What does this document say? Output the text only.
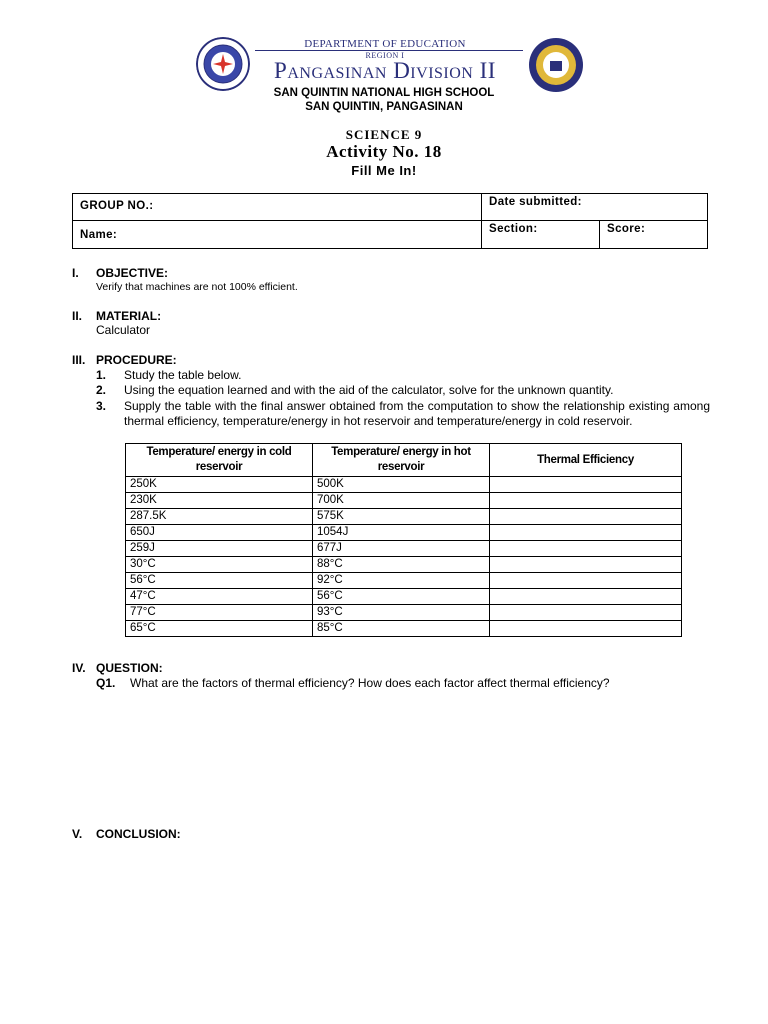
DEPARTMENT OF EDUCATION
REGION I
Pangasinan Division II
SAN QUINTIN NATIONAL HIGH SCHOOL
SAN QUINTIN, PANGASINAN
SCIENCE 9
Activity No. 18
Fill Me In!
GROUP NO.:	Date submitted:	
Name:	Section:	Score:
I. OBJECTIVE:
Verify that machines are not 100% efficient.
II. MATERIAL:
Calculator
III. PROCEDURE:
1. Study the table below.
2. Using the equation learned and with the aid of the calculator, solve for the unknown quantity.
3. Supply the table with the final answer obtained from the computation to show the relationship existing among thermal efficiency, temperature/energy in hot reservoir and temperature/energy in cold reservoir.
Temperature/ energy in cold reservoir	Temperature/ energy in hot reservoir	Thermal Efficiency
250K	500K	
230K	700K	
287.5K	575K	
650J	1054J	
259J	677J	
30°C	88°C	
56°C	92°C	
47°C	56°C	
77°C	93°C	
65°C	85°C	
IV. QUESTION:
Q1. What are the factors of thermal efficiency? How does each factor affect thermal efficiency?
V. CONCLUSION:
